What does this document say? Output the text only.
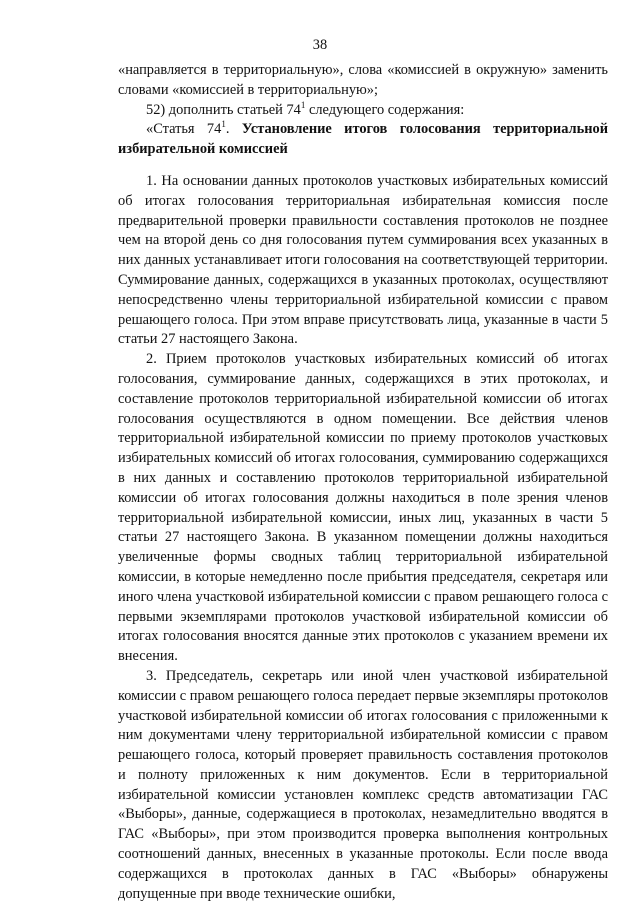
38

«направляется в территориальную», слова «комиссией в окружную» заменить словами «комиссией в территориальную»;

52) дополнить статьей $74^1$ следующего содержания:

«Статья $74^1$. Установление итогов голосования территориальной избирательной комиссией

1. На основании данных протоколов участковых избирательных комиссий об итогах голосования территориальная избирательная комиссия после предварительной проверки правильности составления протоколов не позднее чем на второй день со дня голосования путем суммирования всех указанных в них данных устанавливает итоги голосования на соответствующей территории. Суммирование данных, содержащихся в указанных протоколах, осуществляют непосредственно члены территориальной избирательной комиссии с правом решающего голоса. При этом вправе присутствовать лица, указанные в части 5 статьи 27 настоящего Закона.

2. Прием протоколов участковых избирательных комиссий об итогах голосования, суммирование данных, содержащихся в этих протоколах, и составление протоколов территориальной избирательной комиссии об итогах голосования осуществляются в одном помещении. Все действия членов территориальной избирательной комиссии по приему протоколов участковых избирательных комиссий об итогах голосования, суммированию содержащихся в них данных и составлению протоколов территориальной избирательной комиссии об итогах голосования должны находиться в поле зрения членов территориальной избирательной комиссии, иных лиц, указанных в части 5 статьи 27 настоящего Закона. В указанном помещении должны находиться увеличенные формы сводных таблиц территориальной избирательной комиссии, в которые немедленно после прибытия председателя, секретаря или иного члена участковой избирательной комиссии с правом решающего голоса с первыми экземплярами протоколов участковой избирательной комиссии об итогах голосования вносятся данные этих протоколов с указанием времени их внесения.

3. Председатель, секретарь или иной член участковой избирательной комиссии с правом решающего голоса передает первые экземпляры протоколов участковой избирательной комиссии об итогах голосования с приложенными к ним документами члену территориальной избирательной комиссии с правом решающего голоса, который проверяет правильность составления протоколов и полноту приложенных к ним документов. Если в территориальной избирательной комиссии установлен комплекс средств автоматизации ГАС «Выборы», данные, содержащиеся в протоколах, незамедлительно вводятся в ГАС «Выборы», при этом производится проверка выполнения контрольных соотношений данных, внесенных в указанные протоколы. Если после ввода содержащихся в протоколах данных в ГАС «Выборы» обнаружены допущенные при вводе технические ошибки,
